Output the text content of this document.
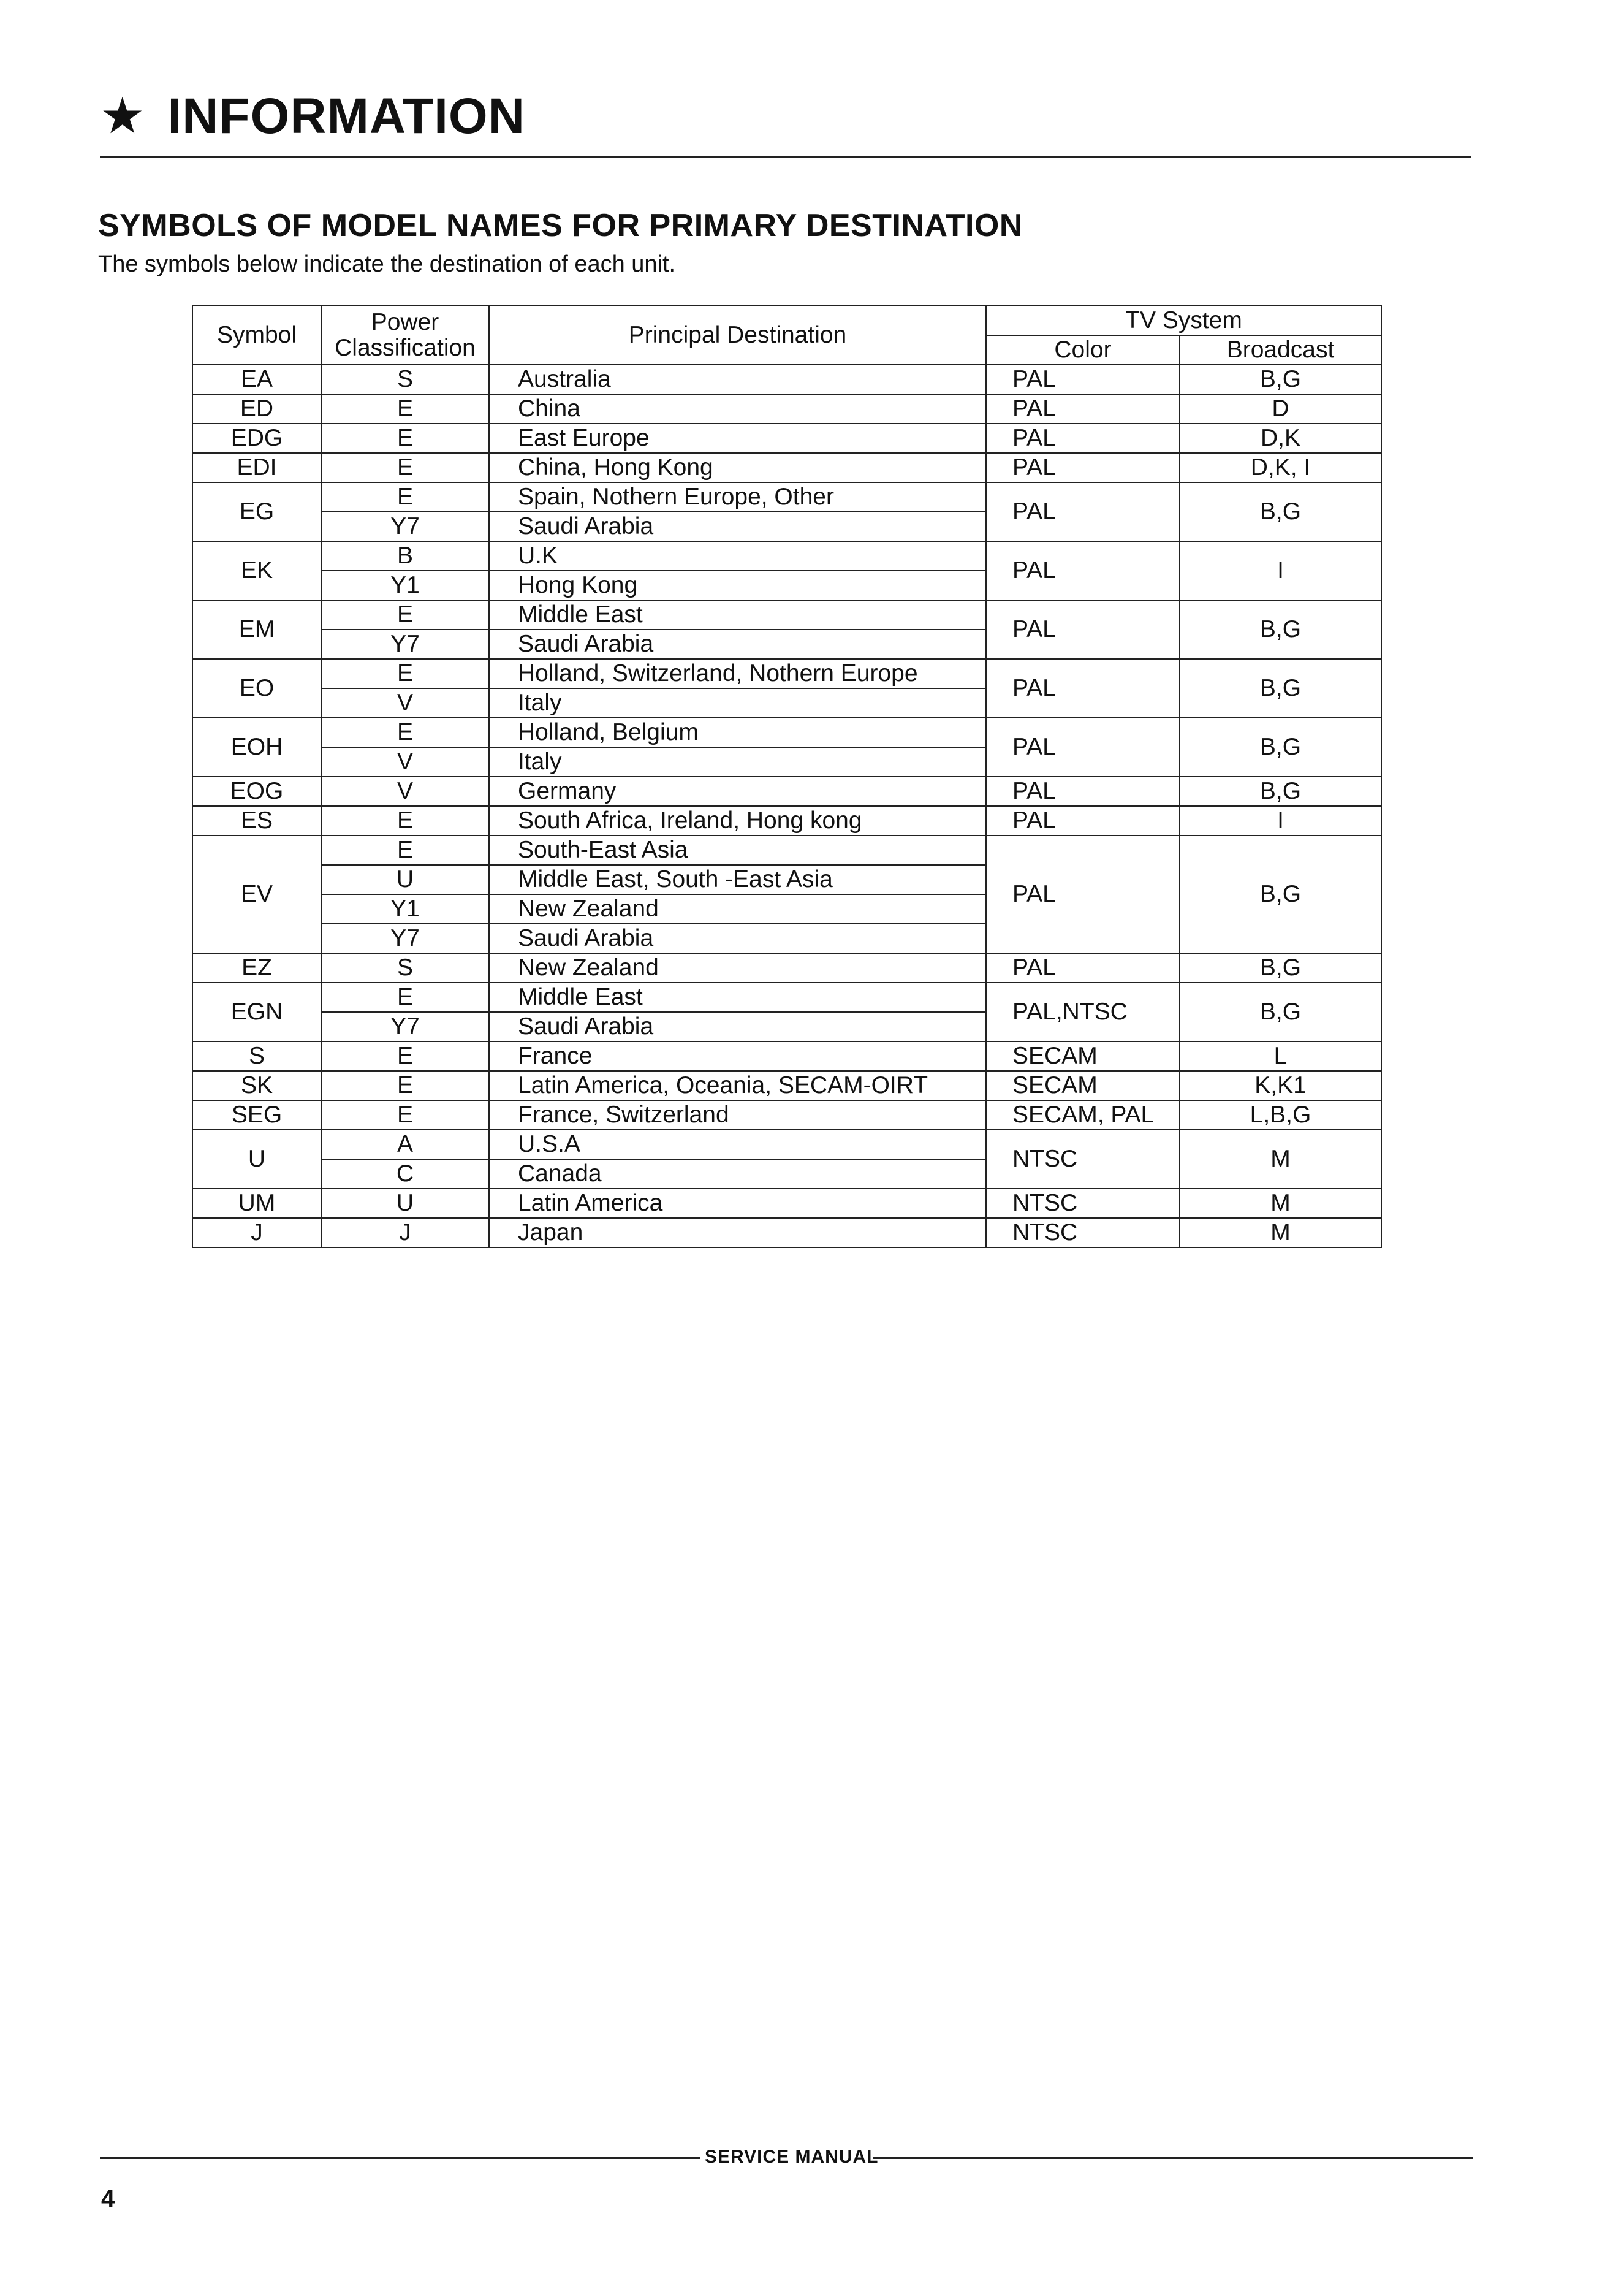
★ INFORMATION
SYMBOLS OF MODEL NAMES FOR PRIMARY DESTINATION
The symbols below indicate the destination of each unit.
Symbol	Power Classification	Principal Destination	TV System	
			Color	Broadcast
EA	S	Australia	PAL	B,G
ED	E	China	PAL	D
EDG	E	East Europe	PAL	D,K
EDI	E	China, Hong Kong	PAL	D,K, I
EG	E	Spain, Nothern Europe, Other	PAL	B,G
	Y7	Saudi Arabia		
EK	B	U.K	PAL	I
	Y1	Hong Kong		
EM	E	Middle East	PAL	B,G
	Y7	Saudi Arabia		
EO	E	Holland, Switzerland, Nothern Europe	PAL	B,G
	V	Italy		
EOH	E	Holland, Belgium	PAL	B,G
	V	Italy		
EOG	V	Germany	PAL	B,G
ES	E	South Africa, Ireland, Hong kong	PAL	I
EV	E	South-East Asia	PAL	B,G
	U	Middle East, South -East Asia		
	Y1	New Zealand		
	Y7	Saudi Arabia		
EZ	S	New Zealand	PAL	B,G
EGN	E	Middle East	PAL,NTSC	B,G
	Y7	Saudi Arabia		
S	E	France	SECAM	L
SK	E	Latin America, Oceania, SECAM-OIRT	SECAM	K,K1
SEG	E	France, Switzerland	SECAM, PAL	L,B,G
U	A	U.S.A	NTSC	M
	C	Canada		
UM	U	Latin America	NTSC	M
J	J	Japan	NTSC	M
SERVICE MANUAL
4
